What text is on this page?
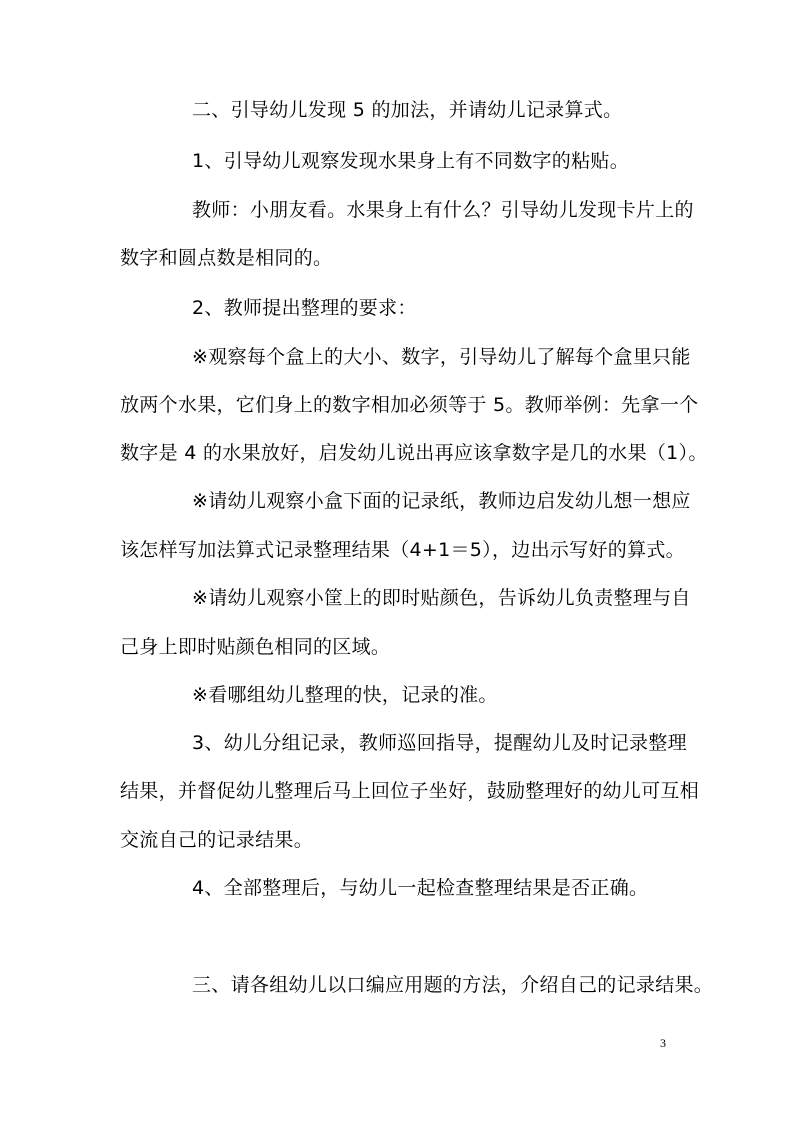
二、引导幼儿发现 5 的加法，并请幼儿记录算式。
1、引导幼儿观察发现水果身上有不同数字的粘贴。
教师：小朋友看。水果身上有什么？引导幼儿发现卡片上的
数字和圆点数是相同的。
2、教师提出整理的要求：
※观察每个盒上的大小、数字，引导幼儿了解每个盒里只能
放两个水果，它们身上的数字相加必须等于 5。教师举例：先拿一个
数字是 4 的水果放好，启发幼儿说出再应该拿数字是几的水果（1）。
※请幼儿观察小盒下面的记录纸，教师边启发幼儿想一想应
该怎样写加法算式记录整理结果（4+1＝5），边出示写好的算式。
※请幼儿观察小筐上的即时贴颜色，告诉幼儿负责整理与自
己身上即时贴颜色相同的区域。
※看哪组幼儿整理的快，记录的准。
3、幼儿分组记录，教师巡回指导，提醒幼儿及时记录整理
结果，并督促幼儿整理后马上回位子坐好，鼓励整理好的幼儿可互相
交流自己的记录结果。
4、全部整理后，与幼儿一起检查整理结果是否正确。
三、请各组幼儿以口编应用题的方法，介绍自己的记录结果。
3
